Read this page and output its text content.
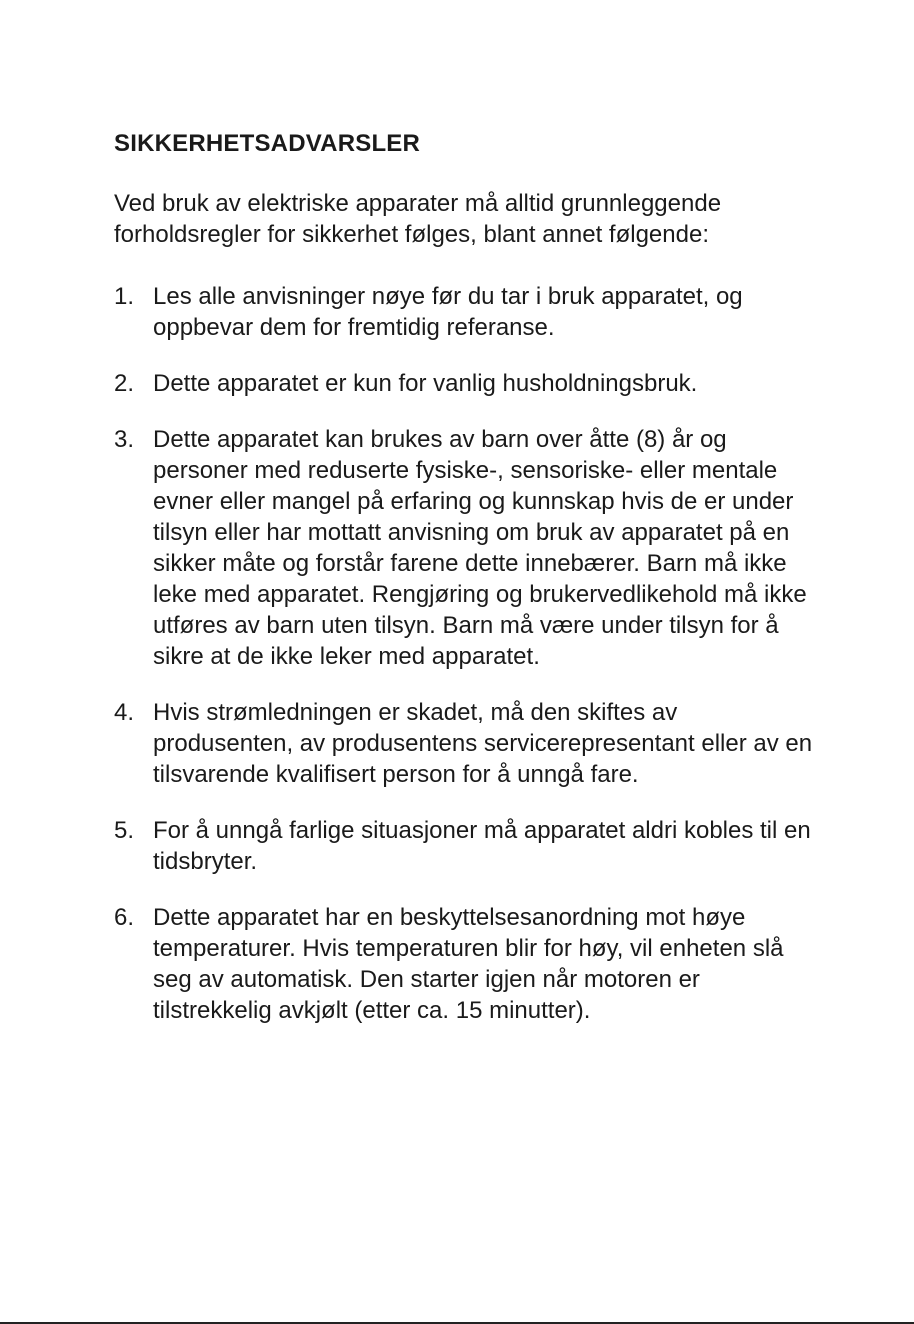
SIKKERHETSADVARSLER

Ved bruk av elektriske apparater må alltid grunnleggende forholdsregler for sikkerhet følges, blant annet følgende:

1. Les alle anvisninger nøye før du tar i bruk apparatet, og oppbevar dem for fremtidig referanse.
2. Dette apparatet er kun for vanlig husholdningsbruk.
3. Dette apparatet kan brukes av barn over åtte (8) år og personer med reduserte fysiske-, sensoriske- eller mentale evner eller mangel på erfaring og kunnskap hvis de er under tilsyn eller har mottatt anvisning om bruk av apparatet på en sikker måte og forstår farene dette innebærer. Barn må ikke leke med apparatet. Rengjøring og brukervedlikehold må ikke utføres av barn uten tilsyn. Barn må være under tilsyn for å sikre at de ikke leker med apparatet.
4. Hvis strømledningen er skadet, må den skiftes av produsenten, av produsentens servicerepresentant eller av en tilsvarende kvalifisert person for å unngå fare.
5. For å unngå farlige situasjoner må apparatet aldri kobles til en tidsbryter.
6. Dette apparatet har en beskyttelsesanordning mot høye temperaturer. Hvis temperaturen blir for høy, vil enheten slå seg av automatisk. Den starter igjen når motoren er tilstrekkelig avkjølt (etter ca. 15 minutter).
